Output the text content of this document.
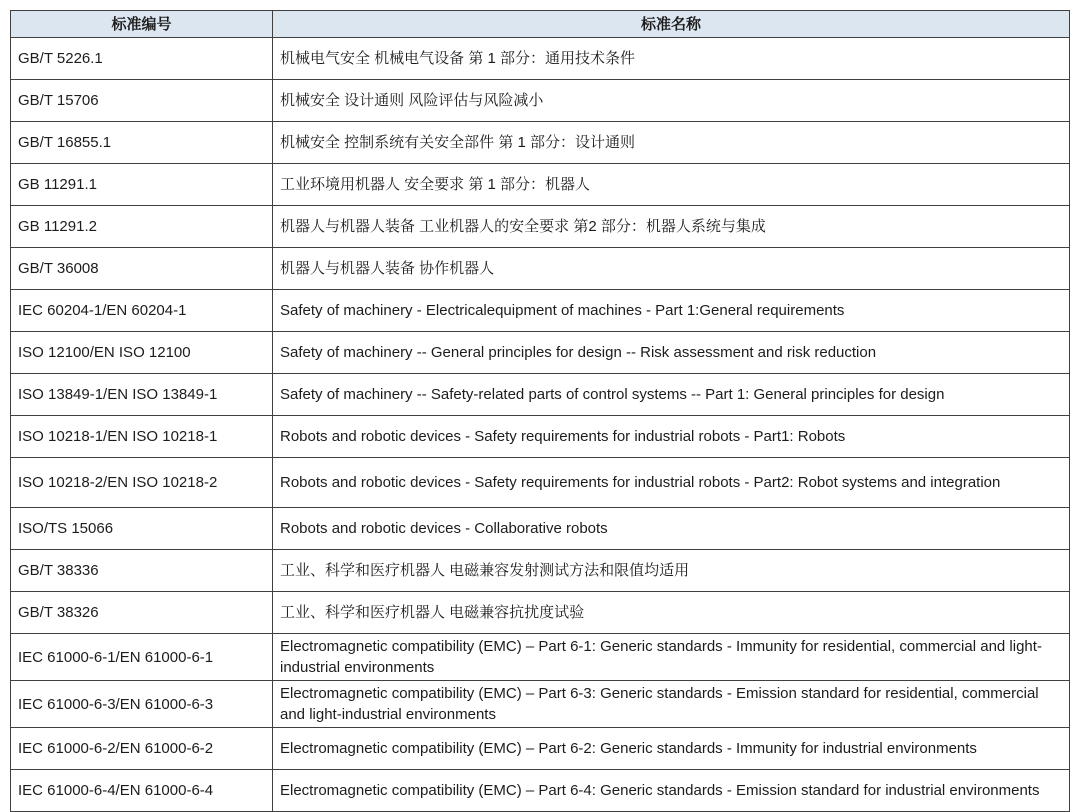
标准编号	标准名称
GB/T 5226.1	机械电气安全 机械电气设备 第 1 部分：通用技术条件
GB/T 15706	机械安全 设计通则 风险评估与风险减小
GB/T 16855.1	机械安全 控制系统有关安全部件 第 1 部分：设计通则
GB 11291.1	工业环境用机器人 安全要求 第 1 部分：机器人
GB 11291.2	机器人与机器人装备 工业机器人的安全要求 第2 部分：机器人系统与集成
GB/T 36008	机器人与机器人装备 协作机器人
IEC 60204-1/EN 60204-1	Safety of machinery - Electricalequipment of machines - Part 1:General requirements
ISO 12100/EN ISO 12100	Safety of machinery -- General principles for design -- Risk assessment and risk reduction
ISO 13849-1/EN ISO 13849-1	Safety of machinery -- Safety-related parts of control systems -- Part 1: General principles for design
ISO 10218-1/EN ISO 10218-1	Robots and robotic devices - Safety requirements for industrial robots - Part1: Robots
ISO 10218-2/EN ISO 10218-2	Robots and robotic devices - Safety requirements for industrial robots - Part2: Robot systems and integration
ISO/TS 15066	Robots and robotic devices - Collaborative robots
GB/T 38336	工业、科学和医疗机器人 电磁兼容发射测试方法和限值均适用
GB/T 38326	工业、科学和医疗机器人 电磁兼容抗扰度试验
IEC 61000-6-1/EN 61000-6-1	Electromagnetic compatibility (EMC) – Part 6-1: Generic standards - Immunity for residential, commercial and light-industrial environments
IEC 61000-6-3/EN 61000-6-3	Electromagnetic compatibility (EMC) – Part 6-3: Generic standards - Emission standard for residential, commercial and light-industrial environments
IEC 61000-6-2/EN 61000-6-2	Electromagnetic compatibility (EMC) – Part 6-2: Generic standards - Immunity for industrial environments
IEC 61000-6-4/EN 61000-6-4	Electromagnetic compatibility (EMC) – Part 6-4: Generic standards - Emission standard for industrial environments
